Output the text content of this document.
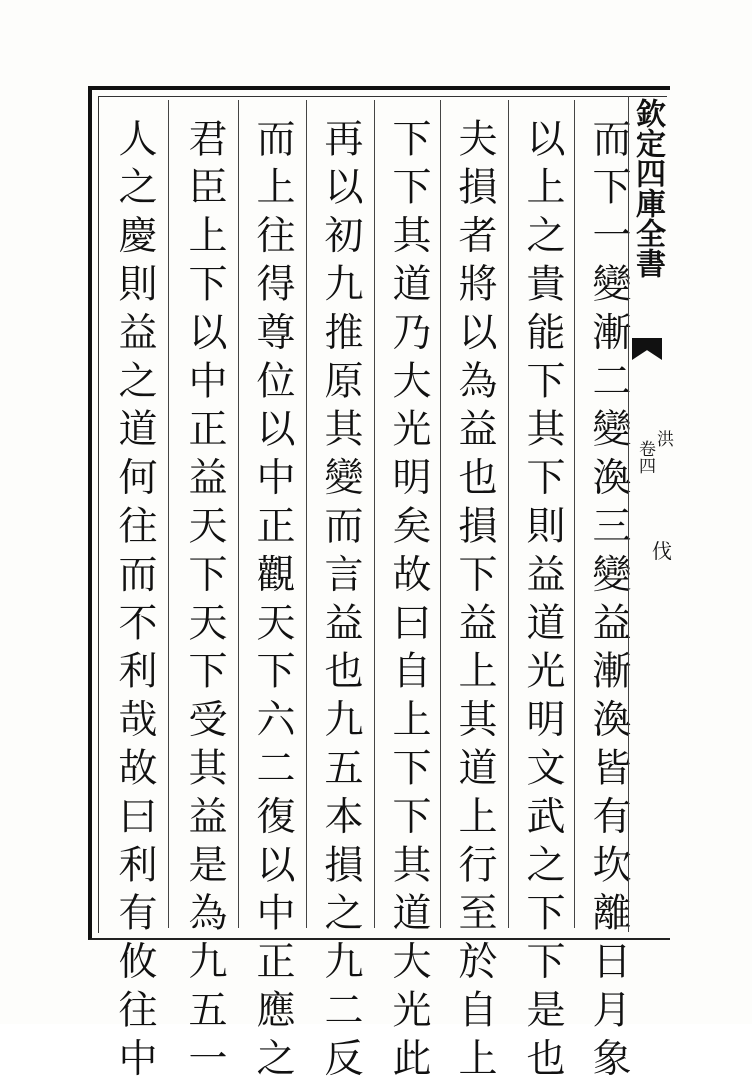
而下一變漸二變渙三變益漸渙皆有坎離日月象
以上之貴能下其下則益道光明文武之下下是也
夫損者將以為益也損下益上其道上行至於自上
下下其道乃大光明矣故曰自上下下其道大光此
再以初九推原其變而言益也九五本損之九二反
而上往得尊位以中正觀天下六二復以中正應之
君臣上下以中正益天下天下受其益是為九五一
人之慶則益之道何往而不利哉故曰利有攸往中	欽定四庫全書
洪
卷四
伐
